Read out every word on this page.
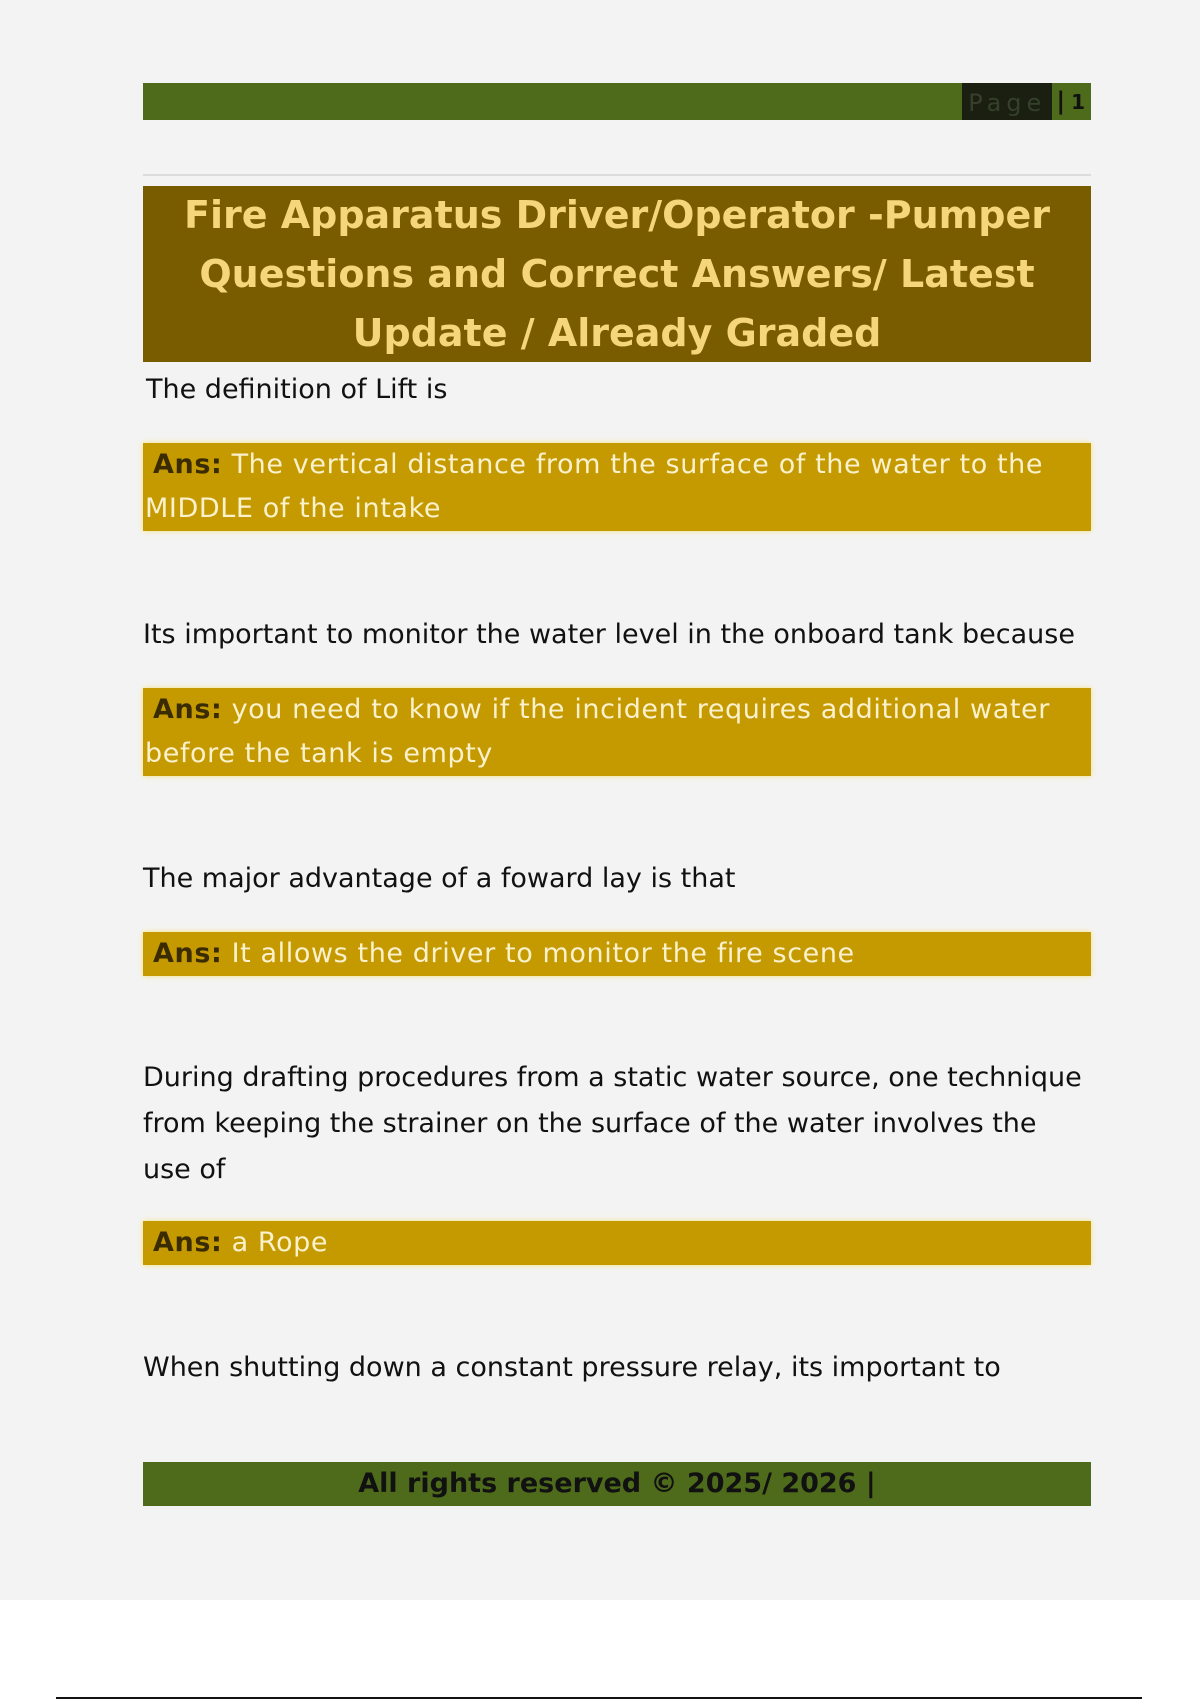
Page | 1
Fire Apparatus Driver/Operator -Pumper Questions and Correct Answers/ Latest Update / Already Graded
The definition of Lift is
Ans: The vertical distance from the surface of the water to the MIDDLE of the intake
Its important to monitor the water level in the onboard tank because
Ans: you need to know if the incident requires additional water before the tank is empty
The major advantage of a foward lay is that
Ans: It allows the driver to monitor the fire scene
During drafting procedures from a static water source, one technique from keeping the strainer on the surface of the water involves the use of
Ans: a Rope
When shutting down a constant pressure relay, its important to
All rights reserved © 2025/ 2026 |
